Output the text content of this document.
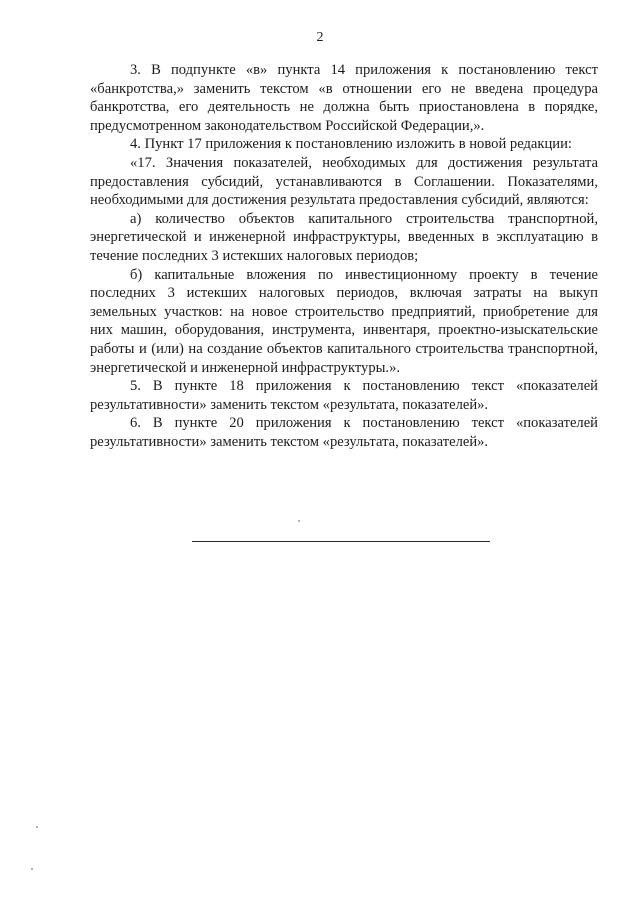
2

3. В подпункте «в» пункта 14 приложения к постановлению текст «банкротства,» заменить текстом «в отношении его не введена процедура банкротства, его деятельность не должна быть приостановлена в порядке, предусмотренном законодательством Российской Федерации,».

4. Пункт 17 приложения к постановлению изложить в новой редакции:

«17. Значения показателей, необходимых для достижения результата предоставления субсидий, устанавливаются в Соглашении. Показателями, необходимыми для достижения результата предоставления субсидий, являются:

а) количество объектов капитального строительства транспортной, энергетической и инженерной инфраструктуры, введенных в эксплуатацию в течение последних 3 истекших налоговых периодов;

б) капитальные вложения по инвестиционному проекту в течение последних 3 истекших налоговых периодов, включая затраты на выкуп земельных участков: на новое строительство предприятий, приобретение для них машин, оборудования, инструмента, инвентаря, проектно-изыскательские работы и (или) на создание объектов капитального строительства транспортной, энергетической и инженерной инфраструктуры.».

5. В пункте 18 приложения к постановлению текст «показателей результативности» заменить текстом «результата, показателей».

6. В пункте 20 приложения к постановлению текст «показателей результативности» заменить текстом «результата, показателей».
